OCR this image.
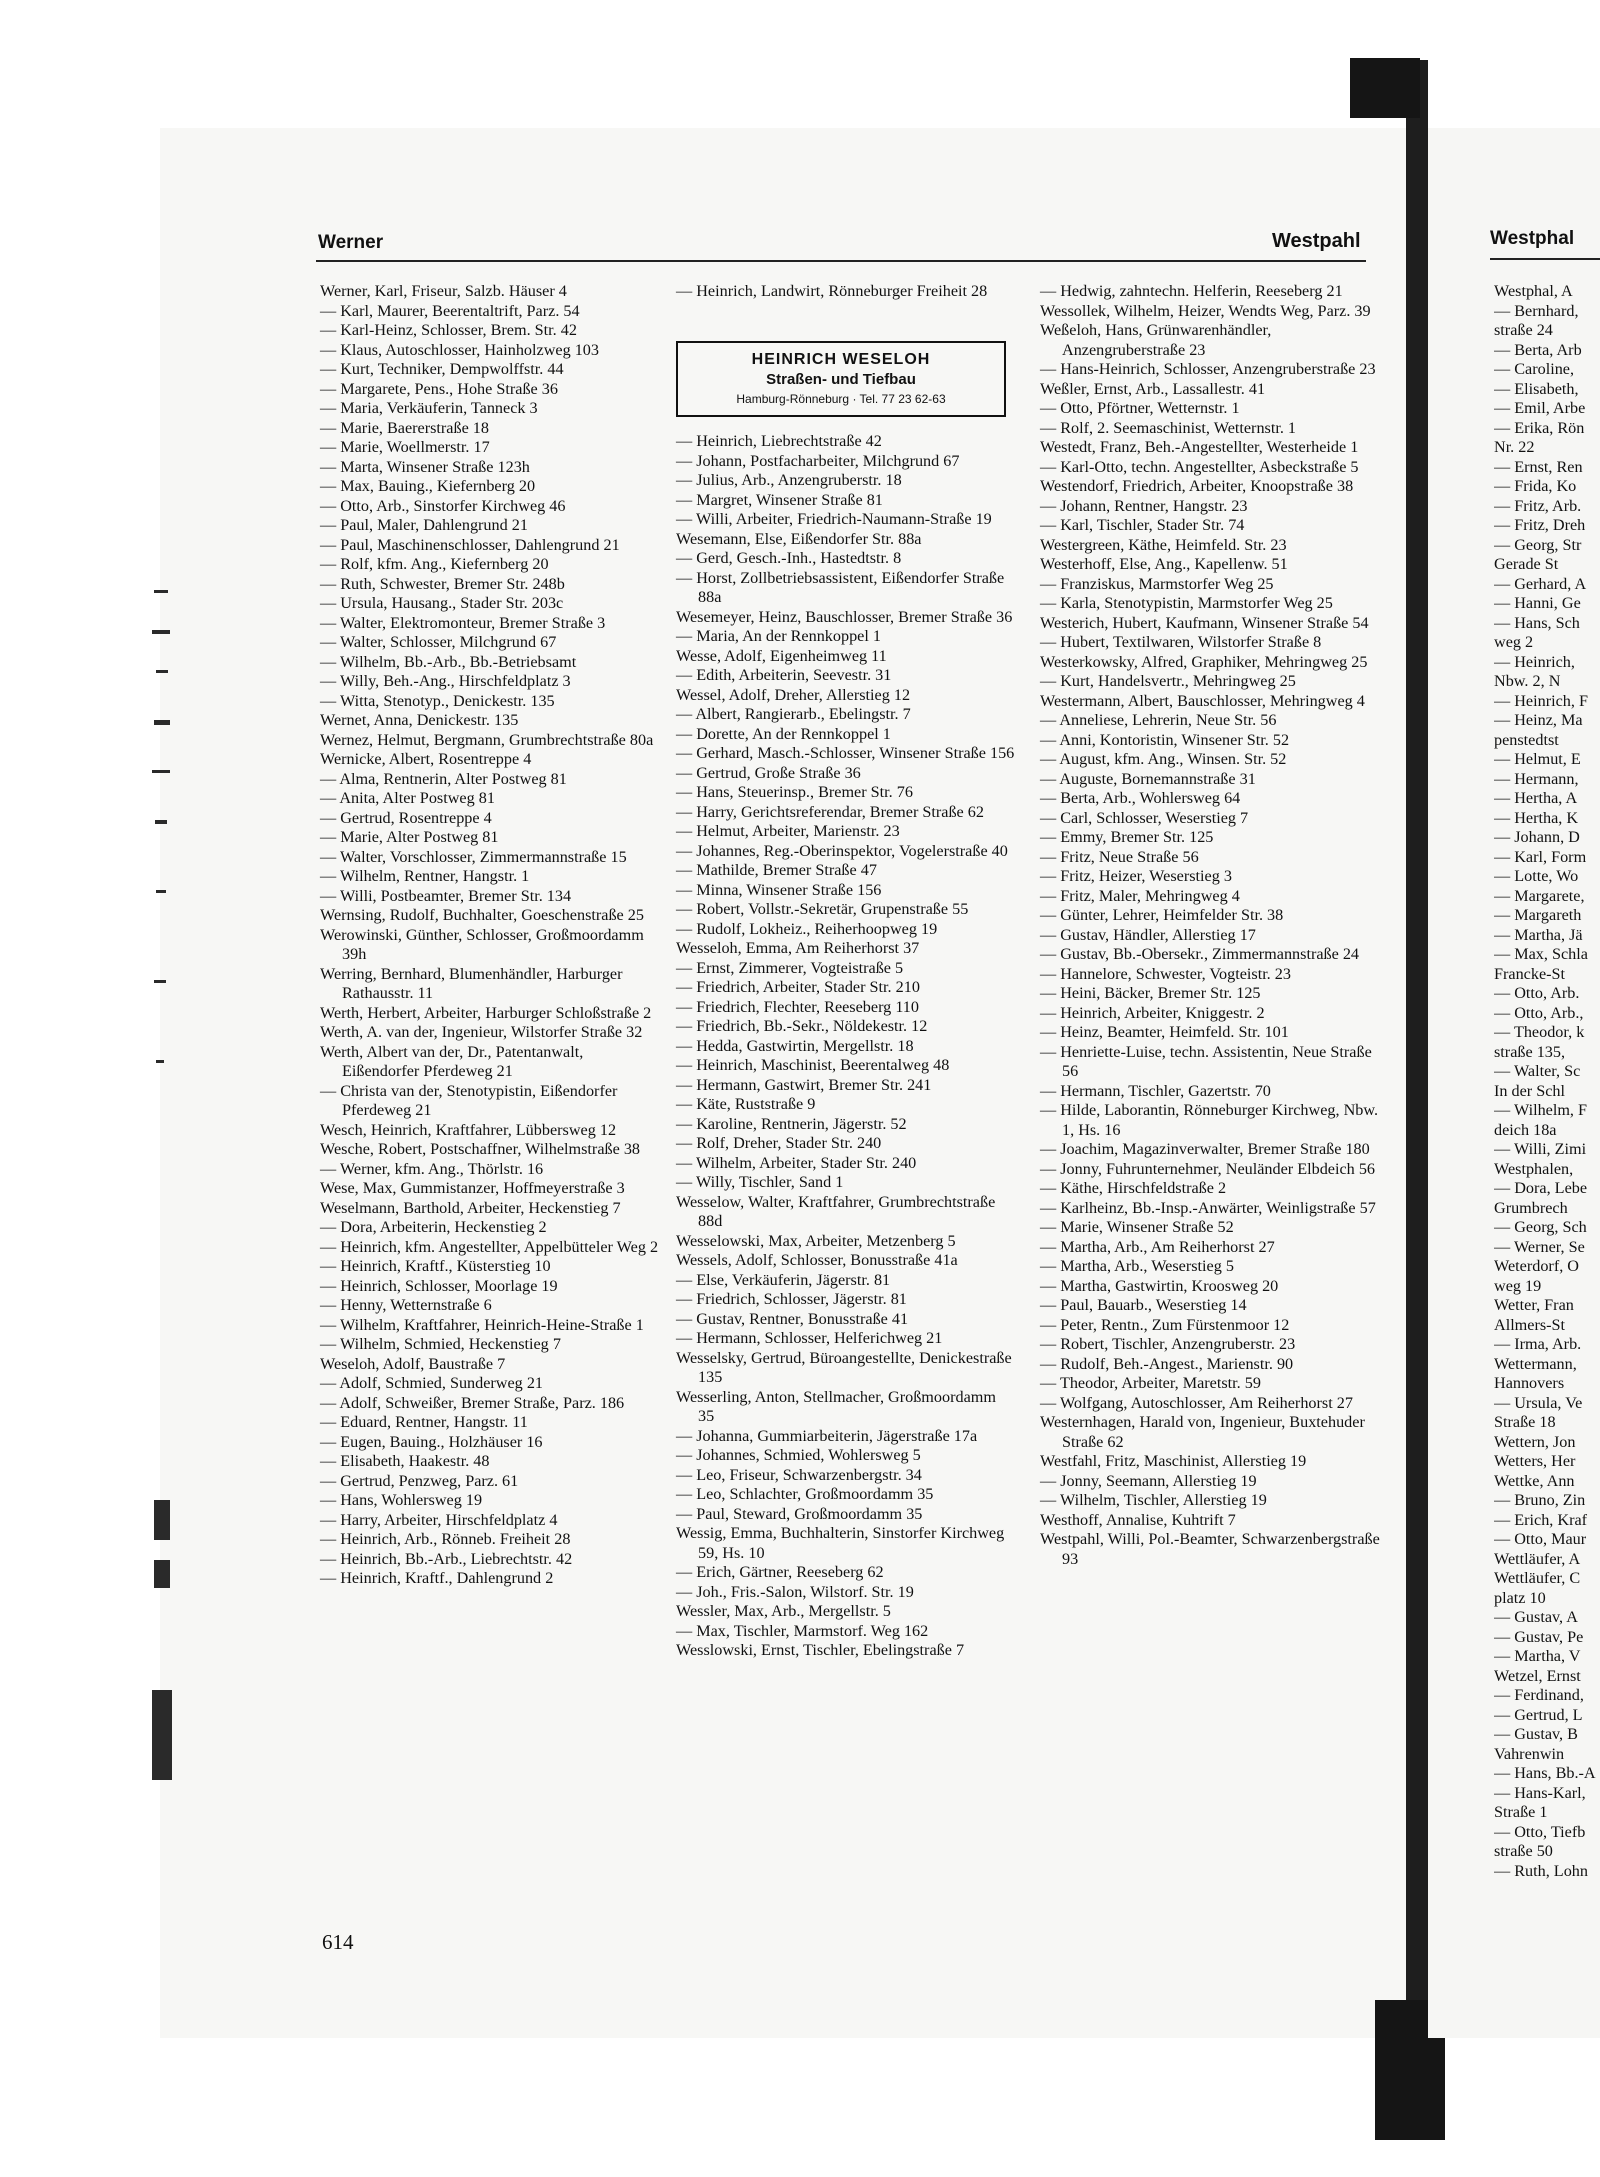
Werner	Westpahl	Westphal
Werner, Karl, Friseur, Salzb. Häuser 4
— Karl, Maurer, Beerentaltrift, Parz. 54
— Karl-Heinz, Schlosser, Brem. Str. 42
— Klaus, Autoschlosser, Hainholzweg 103
— Kurt, Techniker, Dempwolffstr. 44
— Margarete, Pens., Hohe Straße 36
— Maria, Verkäuferin, Tanneck 3
— Marie, Baererstraße 18
— Marie, Woellmerstr. 17
— Marta, Winsener Straße 123h
— Max, Bauing., Kiefernberg 20
— Otto, Arb., Sinstorfer Kirchweg 46
— Paul, Maler, Dahlengrund 21
— Paul, Maschinenschlosser, Dahlengrund 21
— Rolf, kfm. Ang., Kiefernberg 20
— Ruth, Schwester, Bremer Str. 248b
— Ursula, Hausang., Stader Str. 203c
— Walter, Elektromonteur, Bremer Straße 3
— Walter, Schlosser, Milchgrund 67
— Wilhelm, Bb.-Arb., Bb.-Betriebsamt
— Willy, Beh.-Ang., Hirschfeldplatz 3
— Witta, Stenotyp., Denickestr. 135
Wernet, Anna, Denickestr. 135
Wernez, Helmut, Bergmann, Grumbrechtstraße 80a
Wernicke, Albert, Rosentreppe 4
— Alma, Rentnerin, Alter Postweg 81
— Anita, Alter Postweg 81
— Gertrud, Rosentreppe 4
— Marie, Alter Postweg 81
— Walter, Vorschlosser, Zimmermannstraße 15
— Wilhelm, Rentner, Hangstr. 1
— Willi, Postbeamter, Bremer Str. 134
Wernsing, Rudolf, Buchhalter, Goeschenstraße 25
Werowinski, Günther, Schlosser, Großmoordamm 39h
Werring, Bernhard, Blumenhändler, Harburger Rathausstr. 11
Werth, Herbert, Arbeiter, Harburger Schloßstraße 2
Werth, A. van der, Ingenieur, Wilstorfer Straße 32
Werth, Albert van der, Dr., Patentanwalt, Eißendorfer Pferdeweg 21
— Christa van der, Stenotypistin, Eißendorfer Pferdeweg 21
Wesch, Heinrich, Kraftfahrer, Lübbersweg 12
Wesche, Robert, Postschaffner, Wilhelmstraße 38
— Werner, kfm. Ang., Thörlstr. 16
Wese, Max, Gummistanzer, Hoffmeyerstraße 3
Weselmann, Barthold, Arbeiter, Heckenstieg 7
— Dora, Arbeiterin, Heckenstieg 2
— Heinrich, kfm. Angestellter, Appelbütteler Weg 2
— Heinrich, Kraftf., Küsterstieg 10
— Heinrich, Schlosser, Moorlage 19
— Henny, Wetternstraße 6
— Wilhelm, Kraftfahrer, Heinrich-Heine-Straße 1
— Wilhelm, Schmied, Heckenstieg 7
Weseloh, Adolf, Baustraße 7
— Adolf, Schmied, Sunderweg 21
— Adolf, Schweißer, Bremer Straße, Parz. 186
— Eduard, Rentner, Hangstr. 11
— Eugen, Bauing., Holzhäuser 16
— Elisabeth, Haakestr. 48
— Gertrud, Penzweg, Parz. 61
— Hans, Wohlersweg 19
— Harry, Arbeiter, Hirschfeldplatz 4
— Heinrich, Arb., Rönneb. Freiheit 28
— Heinrich, Bb.-Arb., Liebrechtstr. 42
— Heinrich, Kraftf., Dahlengrund 2
— Heinrich, Landwirt, Rönneburger Freiheit 28
HEINRICH WESELOH
Straßen- und Tiefbau
Hamburg-Rönneburg · Tel. 77 23 62-63
— Heinrich, Liebrechtstraße 42
— Johann, Postfacharbeiter, Milchgrund 67
— Julius, Arb., Anzengruberstr. 18
— Margret, Winsener Straße 81
— Willi, Arbeiter, Friedrich-Naumann-Straße 19
Wesemann, Else, Eißendorfer Str. 88a
— Gerd, Gesch.-Inh., Hastedtstr. 8
— Horst, Zollbetriebsassistent, Eißendorfer Straße 88a
Wesemeyer, Heinz, Bauschlosser, Bremer Straße 36
— Maria, An der Rennkoppel 1
Wesse, Adolf, Eigenheimweg 11
— Edith, Arbeiterin, Seevestr. 31
Wessel, Adolf, Dreher, Allerstieg 12
— Albert, Rangierarb., Ebelingstr. 7
— Dorette, An der Rennkoppel 1
— Gerhard, Masch.-Schlosser, Winsener Straße 156
— Gertrud, Große Straße 36
— Hans, Steuerinsp., Bremer Str. 76
— Harry, Gerichtsreferendar, Bremer Straße 62
— Helmut, Arbeiter, Marienstr. 23
— Johannes, Reg.-Oberinspektor, Vogelerstraße 40
— Mathilde, Bremer Straße 47
— Minna, Winsener Straße 156
— Robert, Vollstr.-Sekretär, Grupenstraße 55
— Rudolf, Lokheiz., Reiherhoopweg 19
Wesseloh, Emma, Am Reiherhorst 37
— Ernst, Zimmerer, Vogteistraße 5
— Friedrich, Arbeiter, Stader Str. 210
— Friedrich, Flechter, Reeseberg 110
— Friedrich, Bb.-Sekr., Nöldekestr. 12
— Hedda, Gastwirtin, Mergellstr. 18
— Heinrich, Maschinist, Beerentalweg 48
— Hermann, Gastwirt, Bremer Str. 241
— Käte, Ruststraße 9
— Karoline, Rentnerin, Jägerstr. 52
— Rolf, Dreher, Stader Str. 240
— Wilhelm, Arbeiter, Stader Str. 240
— Willy, Tischler, Sand 1
Wesselow, Walter, Kraftfahrer, Grumbrechtstraße 88d
Wesselowski, Max, Arbeiter, Metzenberg 5
Wessels, Adolf, Schlosser, Bonusstraße 41a
— Else, Verkäuferin, Jägerstr. 81
— Friedrich, Schlosser, Jägerstr. 81
— Gustav, Rentner, Bonusstraße 41
— Hermann, Schlosser, Helferichweg 21
Wesselsky, Gertrud, Büroangestellte, Denickestraße 135
Wesserling, Anton, Stellmacher, Großmoordamm 35
— Johanna, Gummiarbeiterin, Jägerstraße 17a
— Johannes, Schmied, Wohlersweg 5
— Leo, Friseur, Schwarzenbergstr. 34
— Leo, Schlachter, Großmoordamm 35
— Paul, Steward, Großmoordamm 35
Wessig, Emma, Buchhalterin, Sinstorfer Kirchweg 59, Hs. 10
— Erich, Gärtner, Reeseberg 62
— Joh., Fris.-Salon, Wilstorf. Str. 19
Wessler, Max, Arb., Mergellstr. 5
— Max, Tischler, Marmstorf. Weg 162
Wesslowski, Ernst, Tischler, Ebelingstraße 7
— Hedwig, zahntechn. Helferin, Reeseberg 21
Wessollek, Wilhelm, Heizer, Wendts Weg, Parz. 39
Weßeloh, Hans, Grünwarenhändler, Anzengruberstraße 23
— Hans-Heinrich, Schlosser, Anzengruberstraße 23
Weßler, Ernst, Arb., Lassallestr. 41
— Otto, Pförtner, Wetternstr. 1
— Rolf, 2. Seemaschinist, Wetternstr. 1
Westedt, Franz, Beh.-Angestellter, Westerheide 1
— Karl-Otto, techn. Angestellter, Asbeckstraße 5
Westendorf, Friedrich, Arbeiter, Knoopstraße 38
— Johann, Rentner, Hangstr. 23
— Karl, Tischler, Stader Str. 74
Westergreen, Käthe, Heimfeld. Str. 23
Westerhoff, Else, Ang., Kapellenw. 51
— Franziskus, Marmstorfer Weg 25
— Karla, Stenotypistin, Marmstorfer Weg 25
Westerich, Hubert, Kaufmann, Winsener Straße 54
— Hubert, Textilwaren, Wilstorfer Straße 8
Westerkowsky, Alfred, Graphiker, Mehringweg 25
— Kurt, Handelsvertr., Mehringweg 25
Westermann, Albert, Bauschlosser, Mehringweg 4
— Anneliese, Lehrerin, Neue Str. 56
— Anni, Kontoristin, Winsener Str. 52
— August, kfm. Ang., Winsen. Str. 52
— Auguste, Bornemannstraße 31
— Berta, Arb., Wohlersweg 64
— Carl, Schlosser, Weserstieg 7
— Emmy, Bremer Str. 125
— Fritz, Neue Straße 56
— Fritz, Heizer, Weserstieg 3
— Fritz, Maler, Mehringweg 4
— Günter, Lehrer, Heimfelder Str. 38
— Gustav, Händler, Allerstieg 17
— Gustav, Bb.-Obersekr., Zimmermannstraße 24
— Hannelore, Schwester, Vogteistr. 23
— Heini, Bäcker, Bremer Str. 125
— Heinrich, Arbeiter, Kniggestr. 2
— Heinz, Beamter, Heimfeld. Str. 101
— Henriette-Luise, techn. Assistentin, Neue Straße 56
— Hermann, Tischler, Gazertstr. 70
— Hilde, Laborantin, Rönneburger Kirchweg, Nbw. 1, Hs. 16
— Joachim, Magazinverwalter, Bremer Straße 180
— Jonny, Fuhrunternehmer, Neuländer Elbdeich 56
— Käthe, Hirschfeldstraße 2
— Karlheinz, Bb.-Insp.-Anwärter, Weinligstraße 57
— Marie, Winsener Straße 52
— Martha, Arb., Am Reiherhorst 27
— Martha, Arb., Weserstieg 5
— Martha, Gastwirtin, Kroosweg 20
— Paul, Bauarb., Weserstieg 14
— Peter, Rentn., Zum Fürstenmoor 12
— Robert, Tischler, Anzengruberstr. 23
— Rudolf, Beh.-Angest., Marienstr. 90
— Theodor, Arbeiter, Maretstr. 59
— Wolfgang, Autoschlosser, Am Reiherhorst 27
Westernhagen, Harald von, Ingenieur, Buxtehuder Straße 62
Westfahl, Fritz, Maschinist, Allerstieg 19
— Jonny, Seemann, Allerstieg 19
— Wilhelm, Tischler, Allerstieg 19
Westhoff, Annalise, Kuhtrift 7
Westpahl, Willi, Pol.-Beamter, Schwarzenbergstraße 93
Westphal, A
— Bernhard,
straße 24
— Berta, Arb
— Caroline,
— Elisabeth,
— Emil, Arbe
— Erika, Rön
Nr. 22
— Ernst, Ren
— Frida, Ko
— Fritz, Arb.
— Fritz, Dreh
— Georg, Str
Gerade St
— Gerhard, A
— Hanni, Ge
— Hans, Sch
weg 2
— Heinrich,
Nbw. 2, N
— Heinrich, F
— Heinz, Ma
penstedtst
— Helmut, E
— Hermann,
— Hertha, A
— Hertha, K
— Johann, D
— Karl, Form
— Lotte, Wo
— Margarete,
— Margareth
— Martha, Jä
— Max, Schla
Francke-St
— Otto, Arb.
— Otto, Arb.,
— Theodor, k
straße 135,
— Walter, Sc
In der Schl
— Wilhelm, F
deich 18a
— Willi, Zimi
Westphalen,
— Dora, Lebe
Grumbrech
— Georg, Sch
— Werner, Se
Weterdorf, O
weg 19
Wetter, Fran
Allmers-St
— Irma, Arb.
Wettermann,
Hannovers
— Ursula, Ve
Straße 18
Wettern, Jon
Wetters, Her
Wettke, Ann
— Bruno, Zin
— Erich, Kraf
— Otto, Maur
Wettläufer, A
Wettläufer, C
platz 10
— Gustav, A
— Gustav, Pe
— Martha, V
Wetzel, Ernst
— Ferdinand,
— Gertrud, L
— Gustav, B
Vahrenwin
— Hans, Bb.-A
— Hans-Karl,
Straße 1
— Otto, Tiefb
straße 50
— Ruth, Lohn
614
